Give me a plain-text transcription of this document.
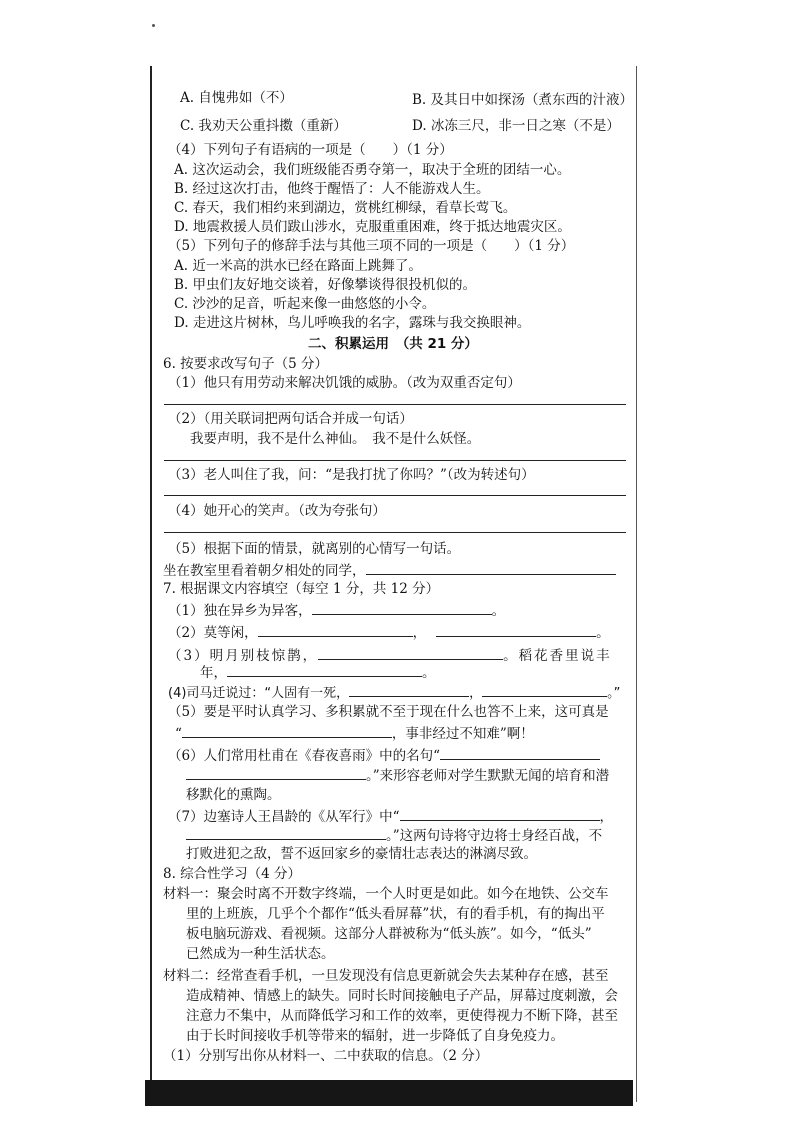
A. 自愧弗如（不）	B. 及其日中如探汤（煮东西的汁液）
C. 我劝天公重抖擞（重新）	D. 冰冻三尺，非一日之寒（不是）
（4）下列句子有语病的一项是（　　）（1 分）
A. 这次运动会，我们班级能否勇夺第一，取决于全班的团结一心。
B. 经过这次打击，他终于醒悟了：人不能游戏人生。
C. 春天，我们相约来到湖边，赏桃红柳绿，看草长莺飞。
D. 地震救援人员们跋山涉水，克服重重困难，终于抵达地震灾区。
（5）下列句子的修辞手法与其他三项不同的一项是（　　）（1 分）
A. 近一米高的洪水已经在路面上跳舞了。
B. 甲虫们友好地交谈着，好像攀谈得很投机似的。
C. 沙沙的足音，听起来像一曲悠悠的小令。
D. 走进这片树林，鸟儿呼唤我的名字，露珠与我交换眼神。
二、积累运用　（共 21 分）
6. 按要求改写句子（5 分）
（1）他只有用劳动来解决饥饿的威胁。（改为双重否定句）
（2）（用关联词把两句话合并成一句话）
我要声明，我不是什么神仙。　我不是什么妖怪。
（3）老人叫住了我，问：“是我打扰了你吗？”（改为转述句）
（4）她开心的笑声。（改为夸张句）
（5）根据下面的情景，就离别的心情写一句话。
坐在教室里看着朝夕相处的同学，
7. 根据课文内容填空（每空 1 分，共 12 分）
（1）独在异乡为异客，	。
（2）莫等闲，	，	。
（3）明月别枝惊鹊，	。稻花香里说丰
年，	。
(4)司马迁说过：“人固有一死，	，	。”
（5）要是平时认真学习、多积累就不至于现在什么也答不上来，这可真是
“	，事非经过不知难”啊！
（6）人们常用杜甫在《春夜喜雨》中的名句“
。”来形容老师对学生默默无闻的培育和潜
移默化的熏陶。
（7）边塞诗人王昌龄的《从军行》中“	，
。”这两句诗将守边将士身经百战，不
打败进犯之敌，誓不返回家乡的豪情壮志表达的淋漓尽致。
8. 综合性学习（4 分）
材料一：聚会时离不开数字终端，一个人时更是如此。如今在地铁、公交车
里的上班族，几乎个个都作“低头看屏幕”状，有的看手机，有的掏出平
板电脑玩游戏、看视频。这部分人群被称为“低头族”。如今，“低头”
已然成为一种生活状态。
材料二：经常查看手机，一旦发现没有信息更新就会失去某种存在感，甚至
造成精神、情感上的缺失。同时长时间接触电子产品，屏幕过度刺激，会
注意力不集中，从而降低学习和工作的效率，更使得视力不断下降，甚至
由于长时间接收手机等带来的辐射，进一步降低了自身免疫力。
（1）分别写出你从材料一、二中获取的信息。（2 分）
